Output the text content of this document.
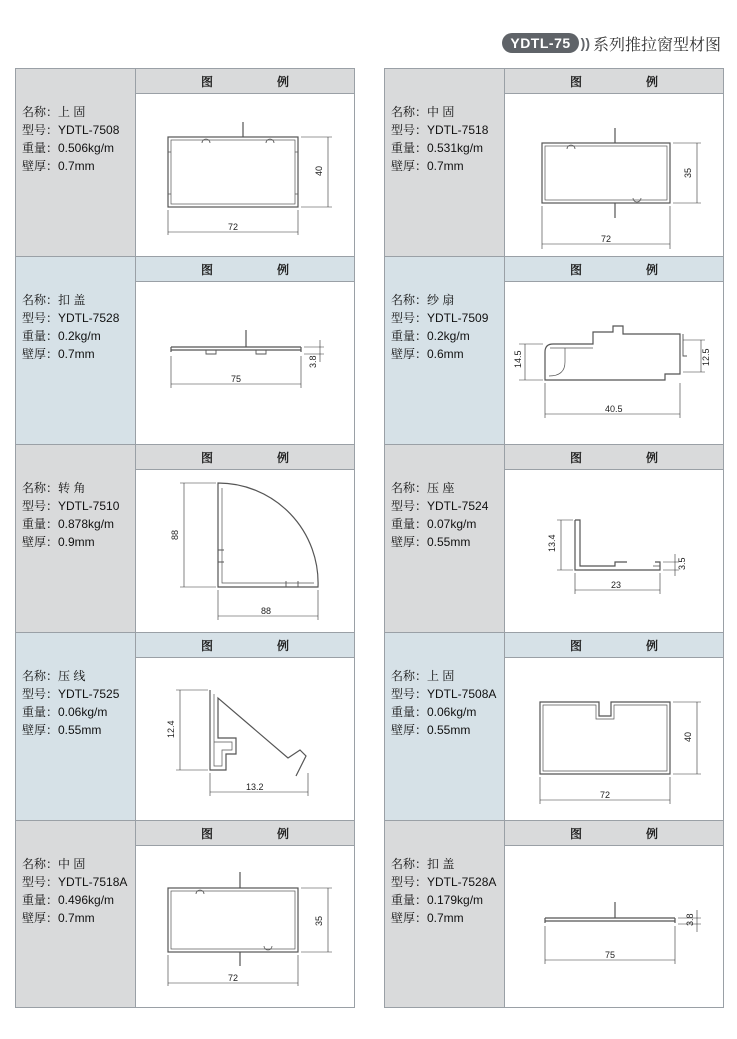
YDTL-75 )) 系列推拉窗型材图
名称：上 固
型号：YDTL-7508
重量：0.506kg/m
壁厚：0.7mm
图　例
72
40
名称：扣 盖
型号：YDTL-7528
重量：0.2kg/m
壁厚：0.7mm
图　例
75
3.8
名称：转 角
型号：YDTL-7510
重量：0.878kg/m
壁厚：0.9mm
图　例
88
88
名称：压 线
型号：YDTL-7525
重量：0.06kg/m
壁厚：0.55mm
图　例
12.4
13.2
名称：中 固
型号：YDTL-7518A
重量：0.496kg/m
壁厚：0.7mm
图　例
72
35
名称：中 固
型号：YDTL-7518
重量：0.531kg/m
壁厚：0.7mm
图　例
72
35
名称：纱 扇
型号：YDTL-7509
重量：0.2kg/m
壁厚：0.6mm
图　例
14.5
40.5
12.5
名称：压 座
型号：YDTL-7524
重量：0.07kg/m
壁厚：0.55mm
图　例
13.4
23
3.5
名称：上 固
型号：YDTL-7508A
重量：0.06kg/m
壁厚：0.55mm
图　例
72
40
名称：扣 盖
型号：YDTL-7528A
重量：0.179kg/m
壁厚：0.7mm
图　例
75
3.8
